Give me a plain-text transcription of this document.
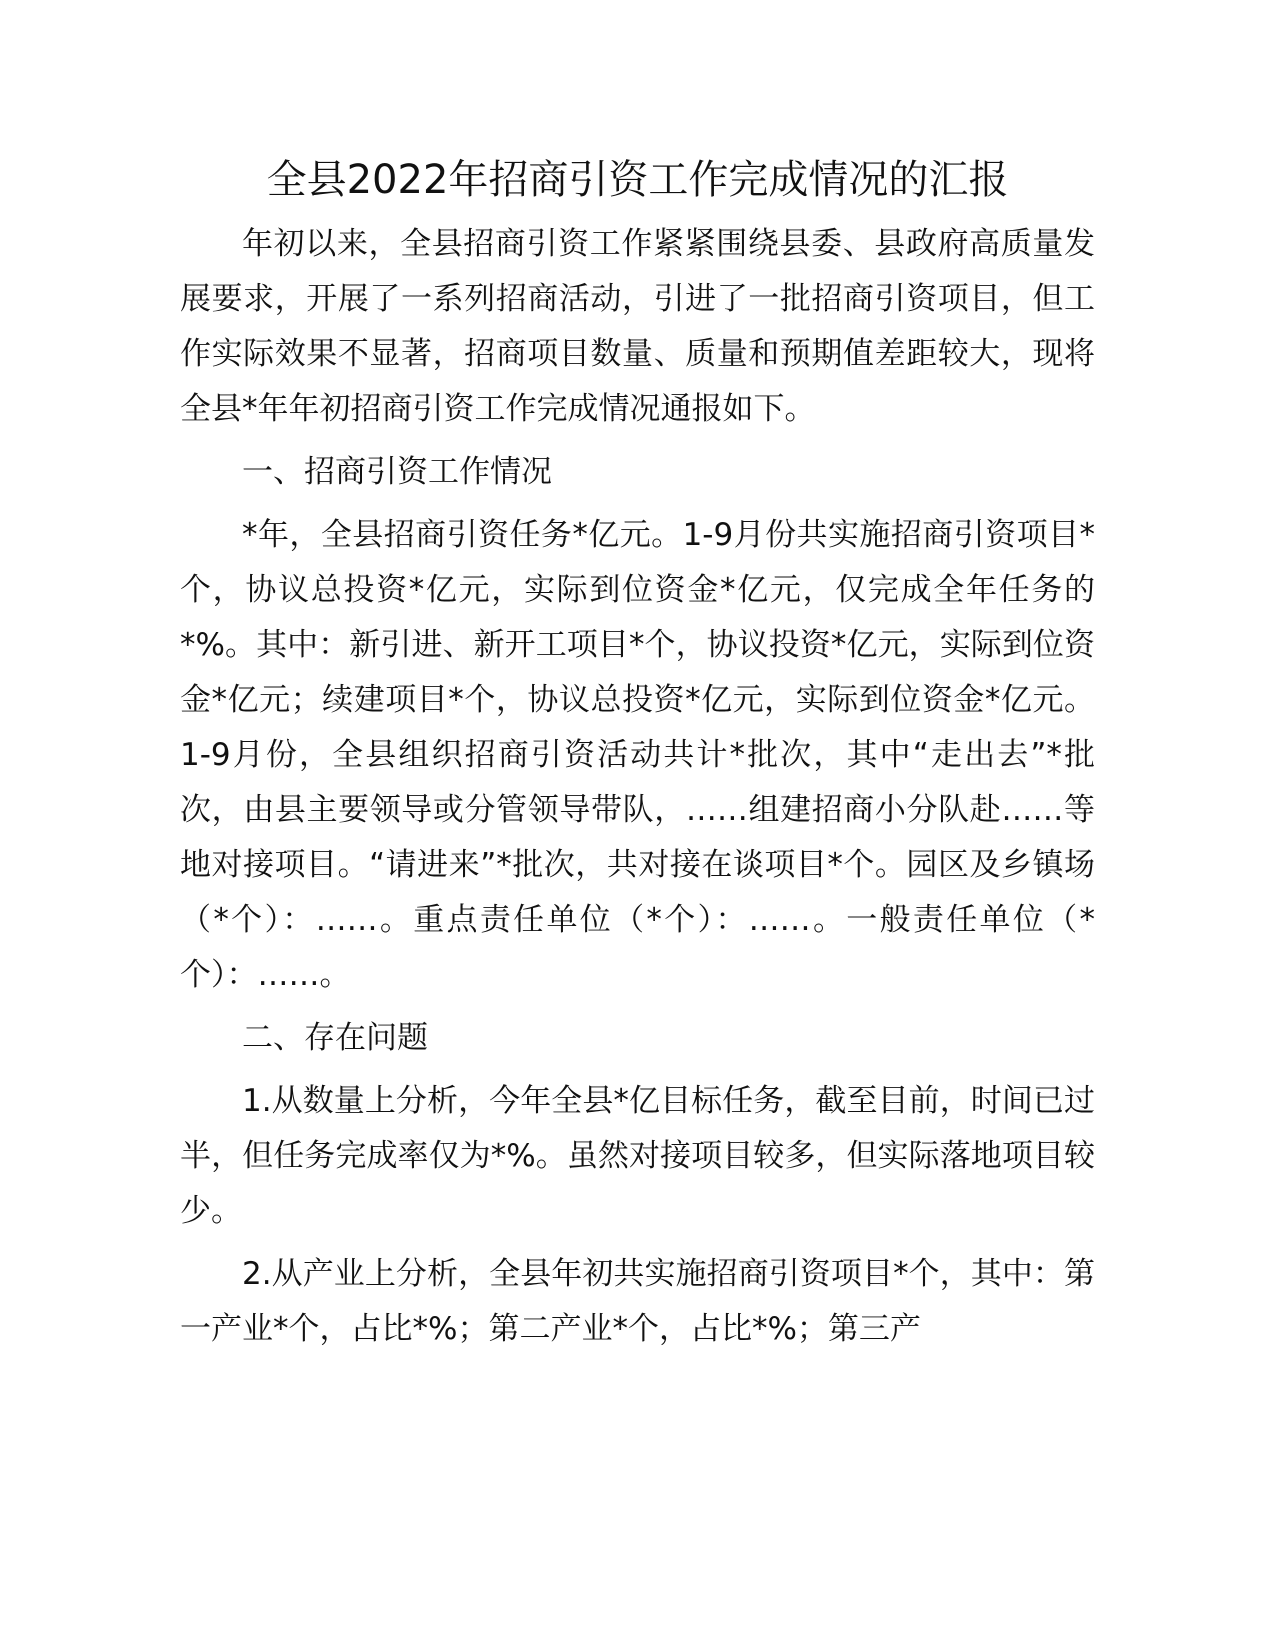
全县2022年招商引资工作完成情况的汇报

年初以来，全县招商引资工作紧紧围绕县委、县政府高质量发展要求，开展了一系列招商活动，引进了一批招商引资项目，但工作实际效果不显著，招商项目数量、质量和预期值差距较大，现将全县*年年初招商引资工作完成情况通报如下。

一、招商引资工作情况

*年，全县招商引资任务*亿元。1-9月份共实施招商引资项目*个，协议总投资*亿元，实际到位资金*亿元，仅完成全年任务的*%。其中：新引进、新开工项目*个，协议投资*亿元，实际到位资金*亿元；续建项目*个，协议总投资*亿元，实际到位资金*亿元。1-9月份，全县组织招商引资活动共计*批次，其中“走出去”*批次，由县主要领导或分管领导带队，……组建招商小分队赴……等地对接项目。“请进来”*批次，共对接在谈项目*个。园区及乡镇场（*个）：……。重点责任单位（*个）：……。一般责任单位（*个）：……。

二、存在问题

1.从数量上分析，今年全县*亿目标任务，截至目前，时间已过半，但任务完成率仅为*%。虽然对接项目较多，但实际落地项目较少。

2.从产业上分析，全县年初共实施招商引资项目*个，其中：第一产业*个，占比*%；第二产业*个，占比*%；第三产
